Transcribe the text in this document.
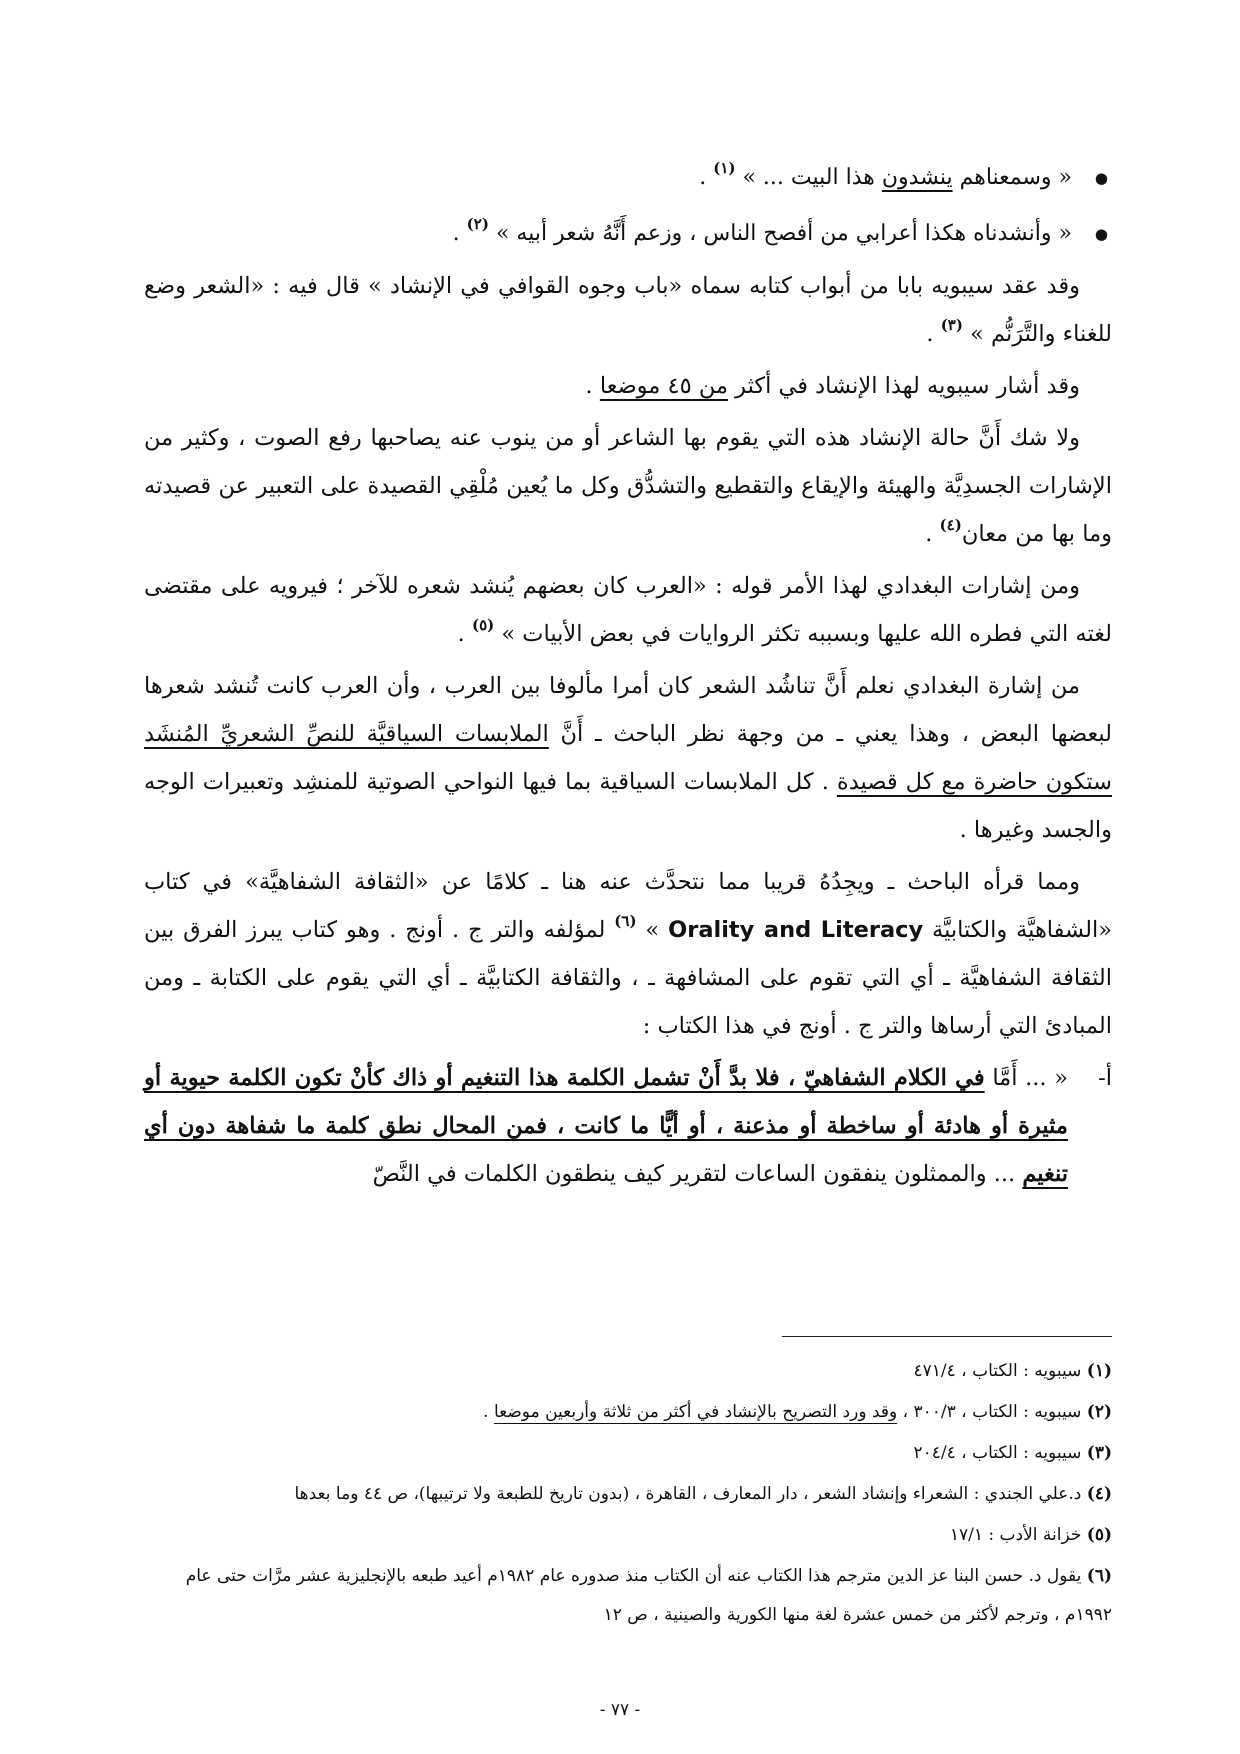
● « وسمعناهم ينشدون هذا البيت ... » $^{(١)}$ .
● « وأنشدناه هكذا أعرابي من أفصح الناس ، وزعم أَنَّهُ شعر أبيه » $^{(٢)}$ .

وقد عقد سيبويه بابا من أبواب كتابه سماه «باب وجوه القوافي في الإنشاد » قال فيه : «الشعر وضع للغناء والتَّرَنُّم » $^{(٣)}$ .

وقد أشار سيبويه لهذا الإنشاد في أكثر من ٤٥ موضعا .

ولا شك أَنَّ حالة الإنشاد هذه التي يقوم بها الشاعر أو من ينوب عنه يصاحبها رفع الصوت ، وكثير من الإشارات الجسدِيَّة والهيئة والإيقاع والتقطيع والتشدُّق وكل ما يُعين مُلْقِي القصيدة على التعبير عن قصيدته وما بها من معان$^{(٤)}$ .

ومن إشارات البغدادي لهذا الأمر قوله : «العرب كان بعضهم يُنشد شعره للآخر ؛ فيرويه على مقتضى لغته التي فطره الله عليها وبسببه تكثر الروايات في بعض الأبيات » $^{(٥)}$ .

من إشارة البغدادي نعلم أَنَّ تناشُد الشعر كان أمرا مألوفا بين العرب ، وأن العرب كانت تُنشد شعرها لبعضها البعض ، وهذا يعني ـ من وجهة نظر الباحث ـ أَنَّ الملابسات السياقيَّة للنصِّ الشعريِّ المُنشَد ستكون حاضرة مع كل قصيدة . كل الملابسات السياقية بما فيها النواحي الصوتية للمنشِد وتعبيرات الوجه والجسد وغيرها .

ومما قرأه الباحث ـ ويجِدُهُ قريبا مما نتحدَّث عنه هنا ـ كلامًا عن «الثقافة الشفاهيَّة» في كتاب «الشفاهيَّة والكتابيَّة Orality and Literacy » $^{(٦)}$ لمؤلفه والتر ج . أونج . وهو كتاب يبرز الفرق بين الثقافة الشفاهيَّة ـ أي التي تقوم على المشافهة ـ ، والثقافة الكتابيَّة ـ أي التي يقوم على الكتابة ـ ومن المبادئ التي أرساها والتر ج . أونج في هذا الكتاب :

أ-
« ... أَمَّا في الكلام الشفاهيّ ، فلا بدَّ أَنْ تشمل الكلمة هذا التنغيم أو ذاك كأنْ تكون الكلمة حيوية أو مثيرة أو هادئة أو ساخطة أو مذعنة ، أو أيًّا ما كانت ، فمن المحال نطق كلمة ما شفاهة دون أي تنغيم ... والممثلون ينفقون الساعات لتقرير كيف ينطقون الكلمات في النَّصّ

(١) سيبويه : الكتاب ، ٤٧١/٤

(٢) سيبويه : الكتاب ، ٣٠٠/٣ ، وقد ورد التصريح بالإنشاد في أكثر من ثلاثة وأربعين موضعا .

(٣) سيبويه : الكتاب ، ٢٠٤/٤

(٤) د.علي الجندي : الشعراء وإنشاد الشعر ، دار المعارف ، القاهرة ، (بدون تاريخ للطبعة ولا ترتيبها)، ص ٤٤ وما بعدها

(٥) خزانة الأدب : ١٧/١

(٦) يقول د. حسن البنا عز الدين مترجم هذا الكتاب عنه أن الكتاب منذ صدوره عام ١٩٨٢م أعيد طبعه بالإنجليزية عشر مرَّات حتى عام ١٩٩٢م ، وترجم لأكثر من خمس عشرة لغة منها الكورية والصينية ، ص ١٢

- ٧٧ -
